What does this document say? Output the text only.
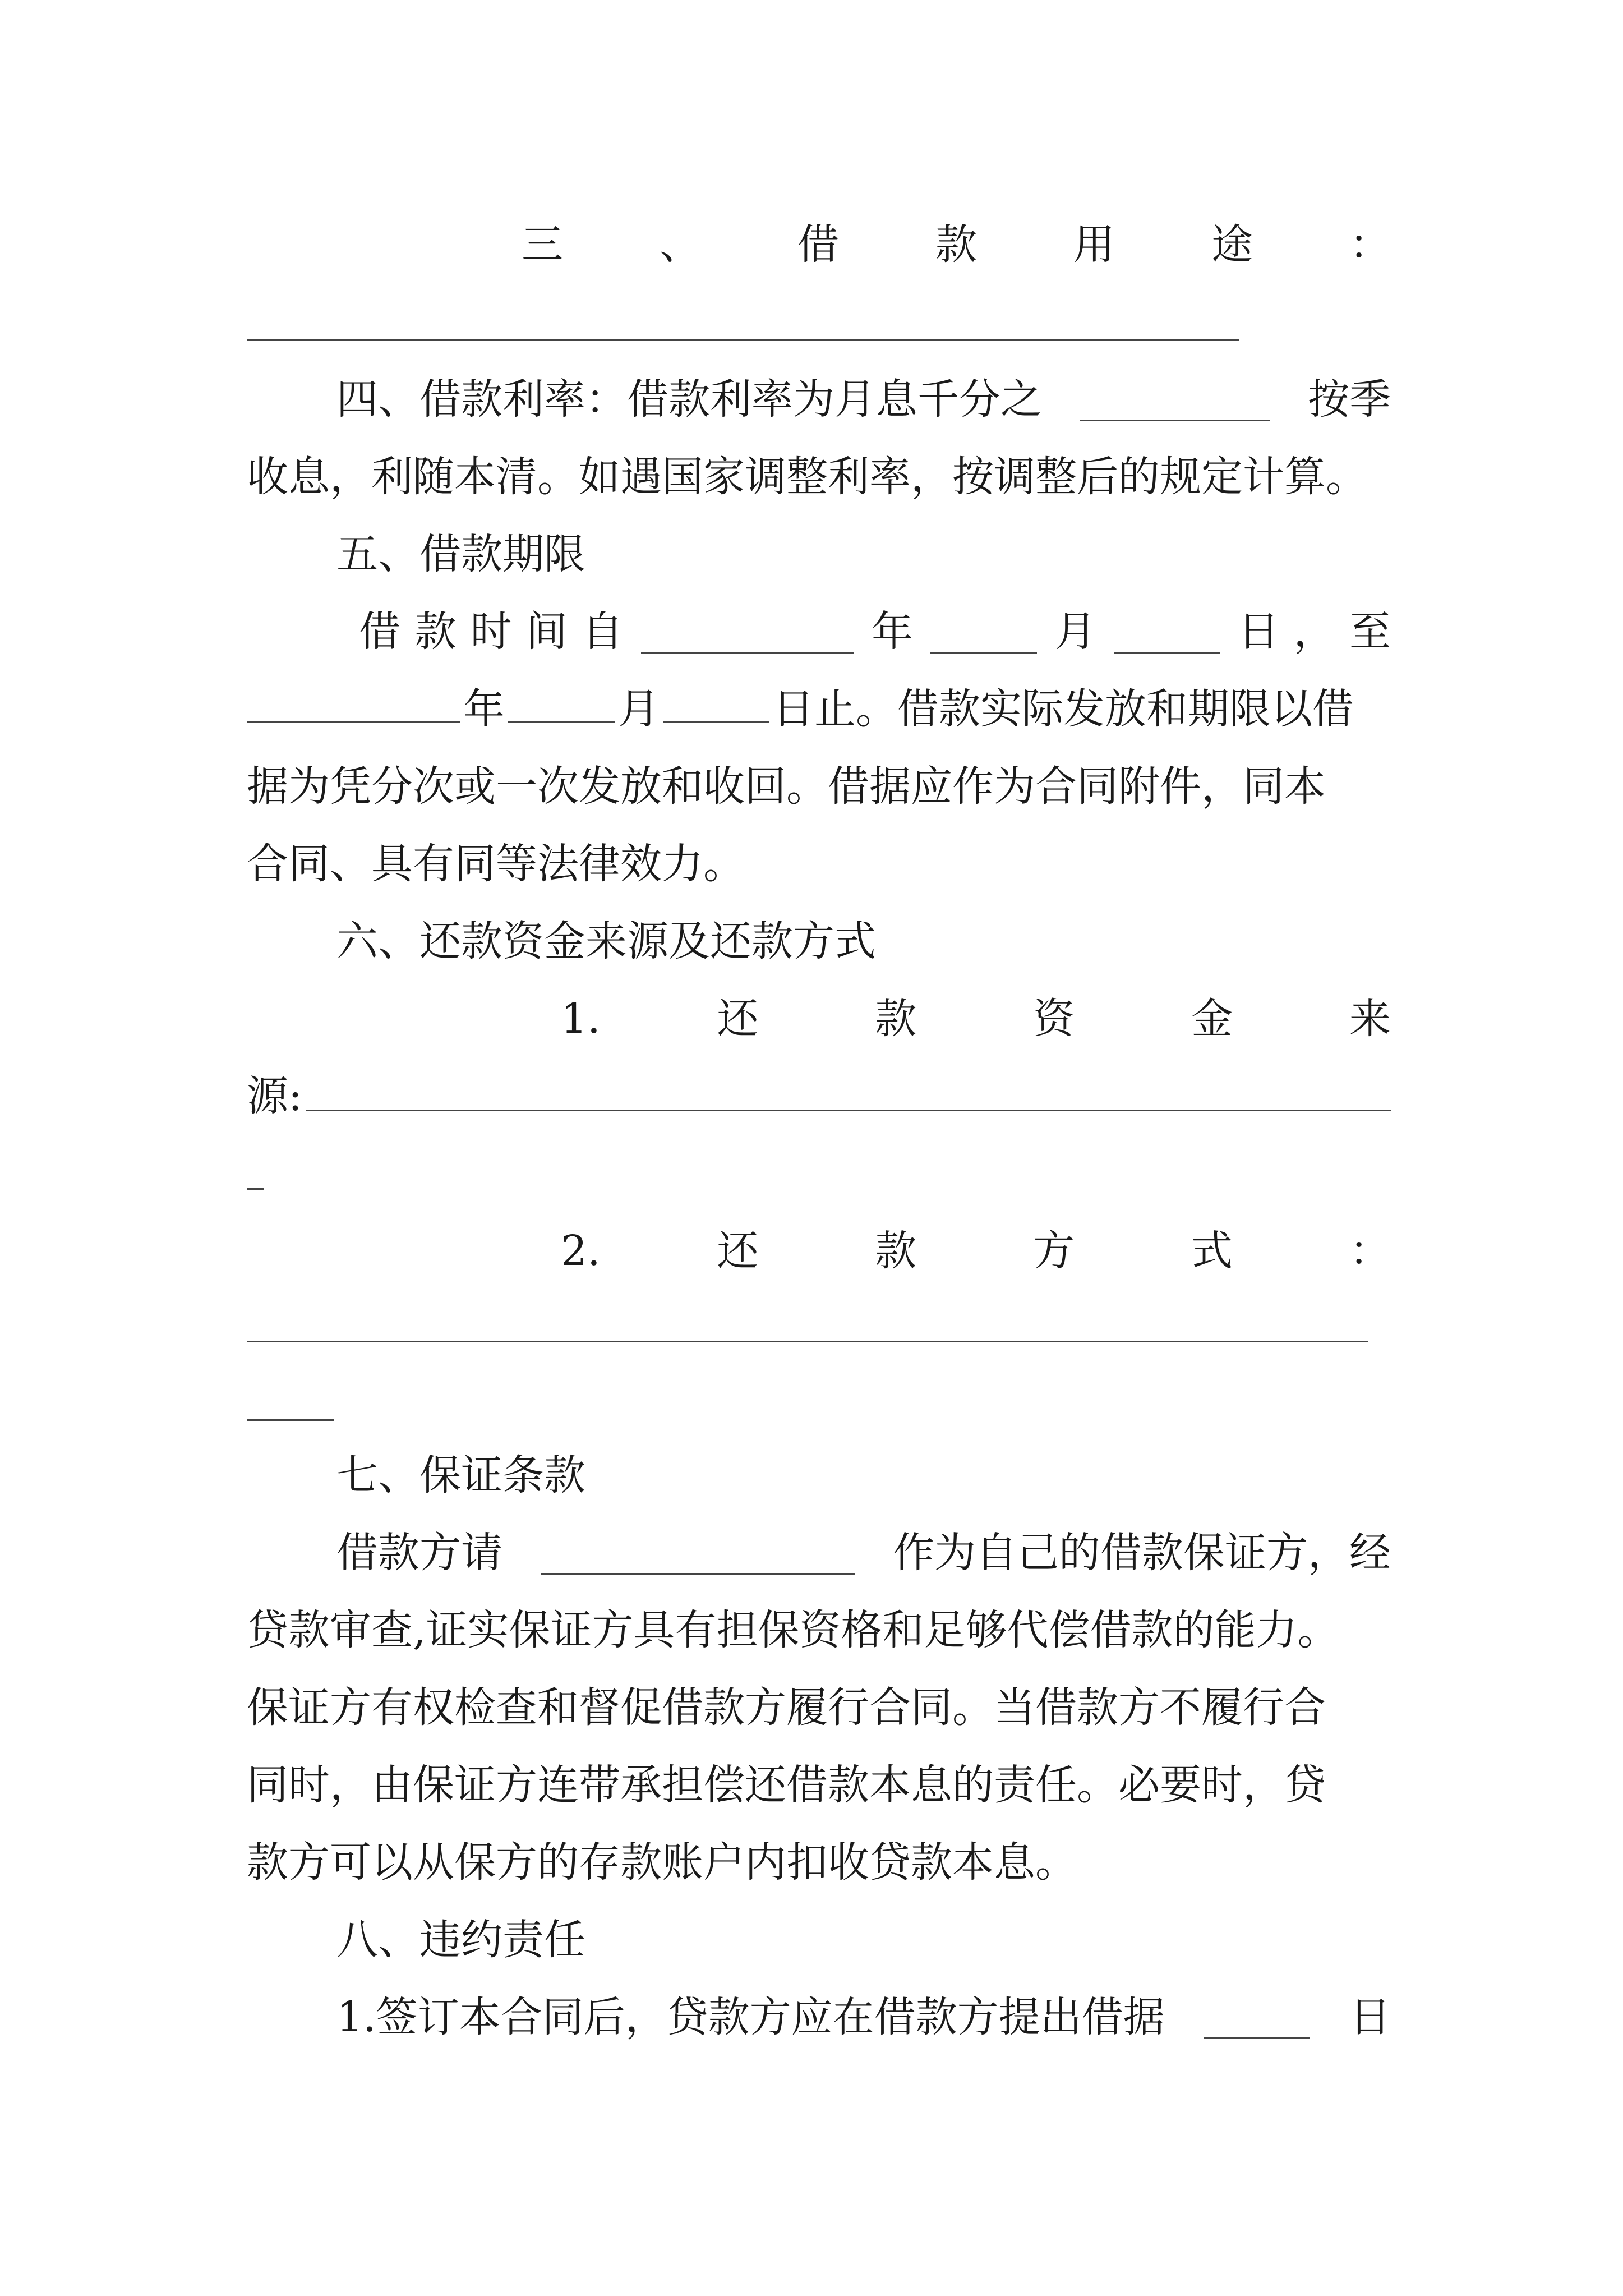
三 、 借 款 用 途 ：
四、借款利率：借款利率为月息千分之	按季
收息，利随本清。如遇国家调整利率，按调整后的规定计算。
五、借款期限
借 款 时 间 自	年	月	日 ， 至
年	月	日止。借款实际发放和期限以借
据为凭分次或一次发放和收回。借据应作为合同附件，同本
合同、具有同等法律效力。
六、还款资金来源及还款方式
1.	还	款	资	金	来
源:
2.	还	款	方	式	：
七、保证条款
借款方请	作为自己的借款保证方，经
贷款审查,证实保证方具有担保资格和足够代偿借款的能力。
保证方有权检查和督促借款方履行合同。当借款方不履行合
同时，由保证方连带承担偿还借款本息的责任。必要时，贷
款方可以从保方的存款账户内扣收贷款本息。
八、违约责任
1.签订本合同后，贷款方应在借款方提出借据	日
